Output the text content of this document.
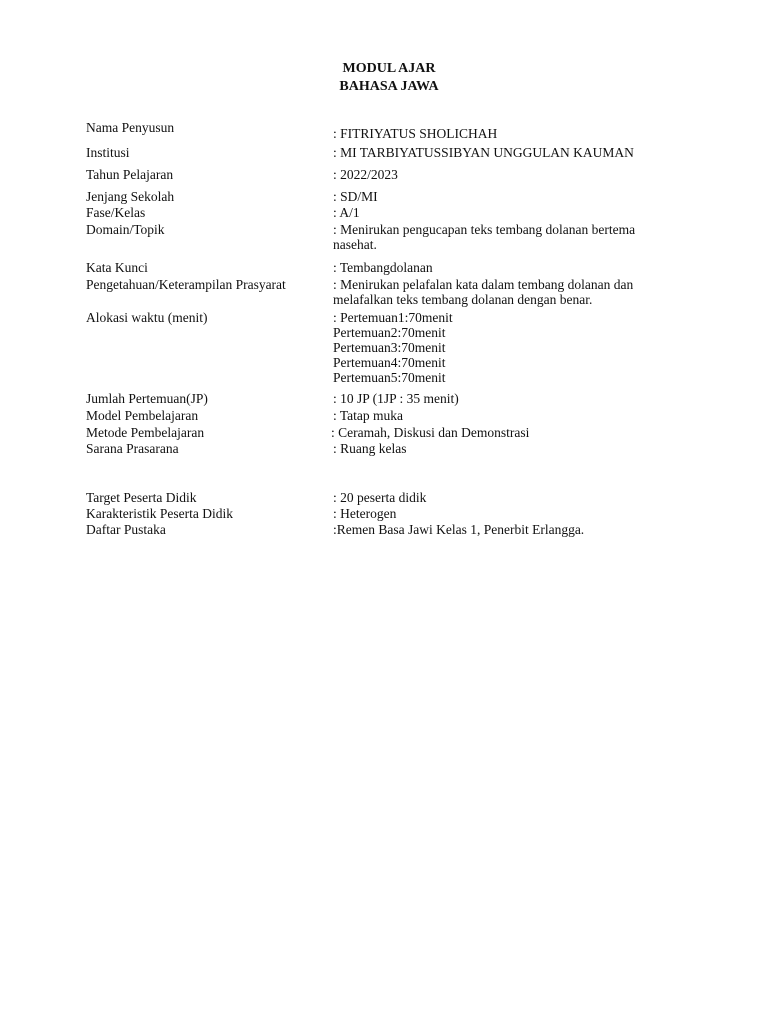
MODUL AJAR
BAHASA JAWA
Nama Penyusun	: FITRIYATUS SHOLICHAH
Institusi	: MI TARBIYATUSSIBYAN UNGGULAN KAUMAN
Tahun Pelajaran	: 2022/2023
Jenjang Sekolah	: SD/MI
Fase/Kelas	: A/1
Domain/Topik	: Menirukan pengucapan teks tembang dolanan bertema
nasehat.
Kata Kunci	: Tembangdolanan
Pengetahuan/Keterampilan Prasyarat	: Menirukan pelafalan kata dalam tembang dolanan dan
melafalkan teks tembang dolanan dengan benar.
Alokasi waktu (menit)	: Pertemuan1:70menit
Pertemuan2:70menit
Pertemuan3:70menit
Pertemuan4:70menit
Pertemuan5:70menit
Jumlah Pertemuan(JP)	: 10 JP (1JP : 35 menit)
Model Pembelajaran	: Tatap muka
Metode Pembelajaran	: Ceramah, Diskusi dan Demonstrasi
Sarana Prasarana	: Ruang kelas
Target Peserta Didik	: 20 peserta didik
Karakteristik Peserta Didik	: Heterogen
Daftar Pustaka	:Remen Basa Jawi Kelas 1, Penerbit Erlangga.
